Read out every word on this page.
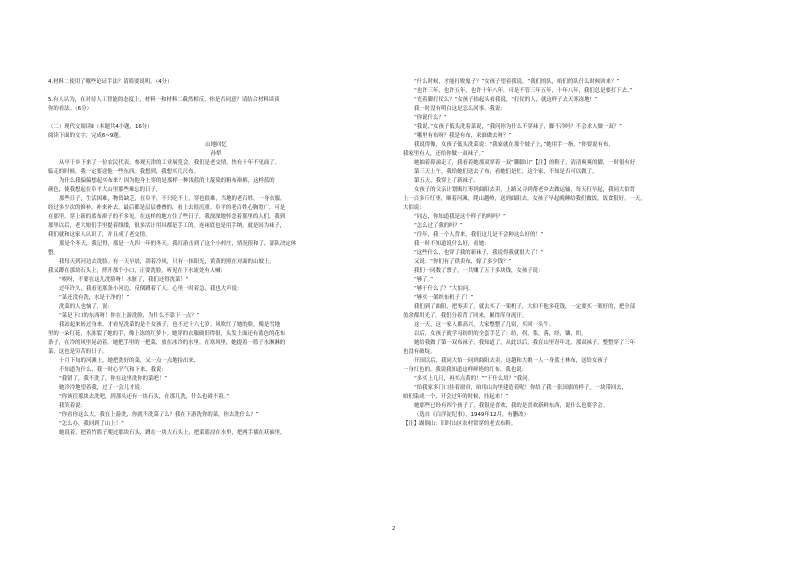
4.材料二使用了哪些论证手法？请简要说明。（4分）

5.有人认为，在对待人工智能的态度上，材料一和材料二截然相反。你是否同意？请结合材料谈谈

你的看法。（6分）

（二）现代文阅读Ⅱ（本题共4小题，16分）

阅读下面的文字，完成6~9题。

山地回忆

孙犁

从早于乡下来了一位农民代表，参观天津的工业展览会。我们是老交情，快有十年不见面了。

临走的时候，我一定要送他一些东西。我想到，我想买几尺布。

为什么我偏偏想起买布来？因为他身上穿的是那样一种浅蓝的土靛染的粗布褂裤，这样蓝的

颜色，使我想起在阜平大山里那些难忘的日子，

那些日子，生活困难，物资缺乏，在阜平，不只吃不上，穿也很难，当地的老百姓，一身衣服，

经过多少次的修补，补来补去，最后都是层层叠叠的，看上去很沉重。阜平的老百姓心胸宽广，可是

在那里，穿上新的蓝布褂子的不多见。在这样的地方住了些日子，我深深地怀念着那里的人们，我到

那里以后，老大娘们手里提着线缕，很多活计用具都是手工的。连袜底也是用手纳，就是因为袜子，

我们就和这家人认识了，并且成了老交情。

那是个冬天，我记得，那是一九四一年的冬天。我打游击到了这个小村庄，情况很和了，部队决定休

整。

我每天到河边去洗脸。有一天早晨，刮着冷风，只有一抹阳光，黄黄的照在对面的山坡上。

我又蹲在那块石头上，捋开那个小口，正要洗脸，听见在下水流处有人喊：

“唉呀，不要在这儿洗脸呀！水脏了，我们还得洗菜！”

过年许久，我看见那条小河边，反倒蹲着了人。心里一时着急，我也大声说：

“菜还没有洗，水是干净的！”

洗菜的人也恼了，说：

“菜是下口的东西呀！你在上游洗脸，为什么不靠下一点？”

我站起来转过身来，才看见洗菜的是个女孩子，也不过十六七岁。风吹红了她的脸，像是雪地

里的一朵红花，水冻裂了她的手，像上冻的红萝卜。她穿的衣服破旧得很，头发上面还有蓝色的花布

条子，在冷的风里晃动着。她把手里的一把菜，放在冰冷的水里。在寒风里，她提着一篮子水淋淋的

菜，这也是穷苦的日子。

十月下旬的河滩上，她把洗好的菜，又一点一点地捡出来，

不知道为什么，我一时心平气和下来，我说：

“我错了，我不洗了，你在这里洗你的菜吧！”

她冷冷地望着我，过了一会儿才说：

“你该往那块去洗吧，到那头还有一块石头，在那儿洗，什么也碍不着。”

我笑着说：

“你看你这么大，我在上游洗，你就不洗菜了么？我在下游洗你的菜，你去洗什么？”

“怎么办，我回到了山上！”

她说着，把着竹篮子爬过那块石头，蹲在一块大石头上，把菜篮浸在水里，把两手插在袄袖里，

“什么时候，才能打败鬼子？”女孩子望着我说，“我们的队，咱们的队什么时候回来？”

“也许三年，也许五年，也许十年八年，可是不管三年五年，十年八年，我们总是要打下去。”

“光着脚打仗么？”女孩子抬起头看我说，“打仗的人，就这样子去天寒冻地！”

我一时没有明白这是怎么回事，我说：

“你说什么？”

“我说，”女孩子低头洗着菜说，“我问你为什么不穿袜子，脚不冷吗？不会求人做一双？”

“哪里有布呀？我是有布，求谁做去呀？”

我说得像，女孩子低头洗菜说：“我家就在那个坡子上，”她用手一指，“你要说有布，

我家里有人，还给你做一双袜子。”

她抽着鼻涕走了，我看着她那双穿着一双“雞脚山”【注】的鞋子，清清爽爽的脚，一时很有好

第三天上午，我给她们送去了布，看她们是忙，这个家，不知是否可以做了。

第五天，我穿上了新袜子。

女孩子的父亲计划贩红枣到曲阳去卖，上路又寻到帮老乡去做运输，每天打早起，我同大伯背

上一百多斤红枣，顺着河滩，爬山越岭，送到曲阳去。女孩子早起晚睡给我们做饭，饭食很好。一天，

大伯说：

“同志，你知道我是这个样子的吗吗？”

“怎么过了我的吗？”

“往年，我一个人背来，我们这儿是不会种这么好的！”

我一时不知道说什么好，看她：

“这些什么，也穿了我的新袜子，我说得我就很大了！”

又说：“你们有了供卖布，嫁了多少钱？”

我们一同数了票子，一共赚了五千多块钱，女孩子说：

“够了。”

“够干什么了？”大伯问，

“够买一架织布机子了！”

我们到了曲阳，把枣卖了，就去买了一架机子，大伯不他多花钱，一定要买一架好的，把全部

盈余都用光了。我们分着背了回来，累得浑身流汗。

这一天，这一家人都高兴，大家整整了几宿，买回一头牛。

以后，女孩子就学习纺织的全套手艺了：纺，拐，浆，落，经，镶，织。

她给我做了第一双布袜子，我知道了，从此以后，我在山里青年北，那双袜子，整整穿了三年

也没有破绽。

开国以后，我同大伯一同到曲阳去卖，这趟和大娘一人一身蓝土林布，送给女孩子

一身红色的。我说我知道这样鲜艳的红布，我也说：

“多买上几尺，再买点黄的！”“干什么用？”我问。

“给我家多门口挂着窗帘，咱用山沟里建造着呢！你给了我一张国旗的样子，一块带回去，

咱们染成一个，开会过年的时候，挂起来！”

她那些已经有四个孩子了，我很是喜欢，我的是喜欢新鲜东西，说什么也要学会。

（选自《白洋淀纪事》，1949年12月，有删改）

【注】踢倒山：旧时山区农村常穿的老式布鞋。

2
